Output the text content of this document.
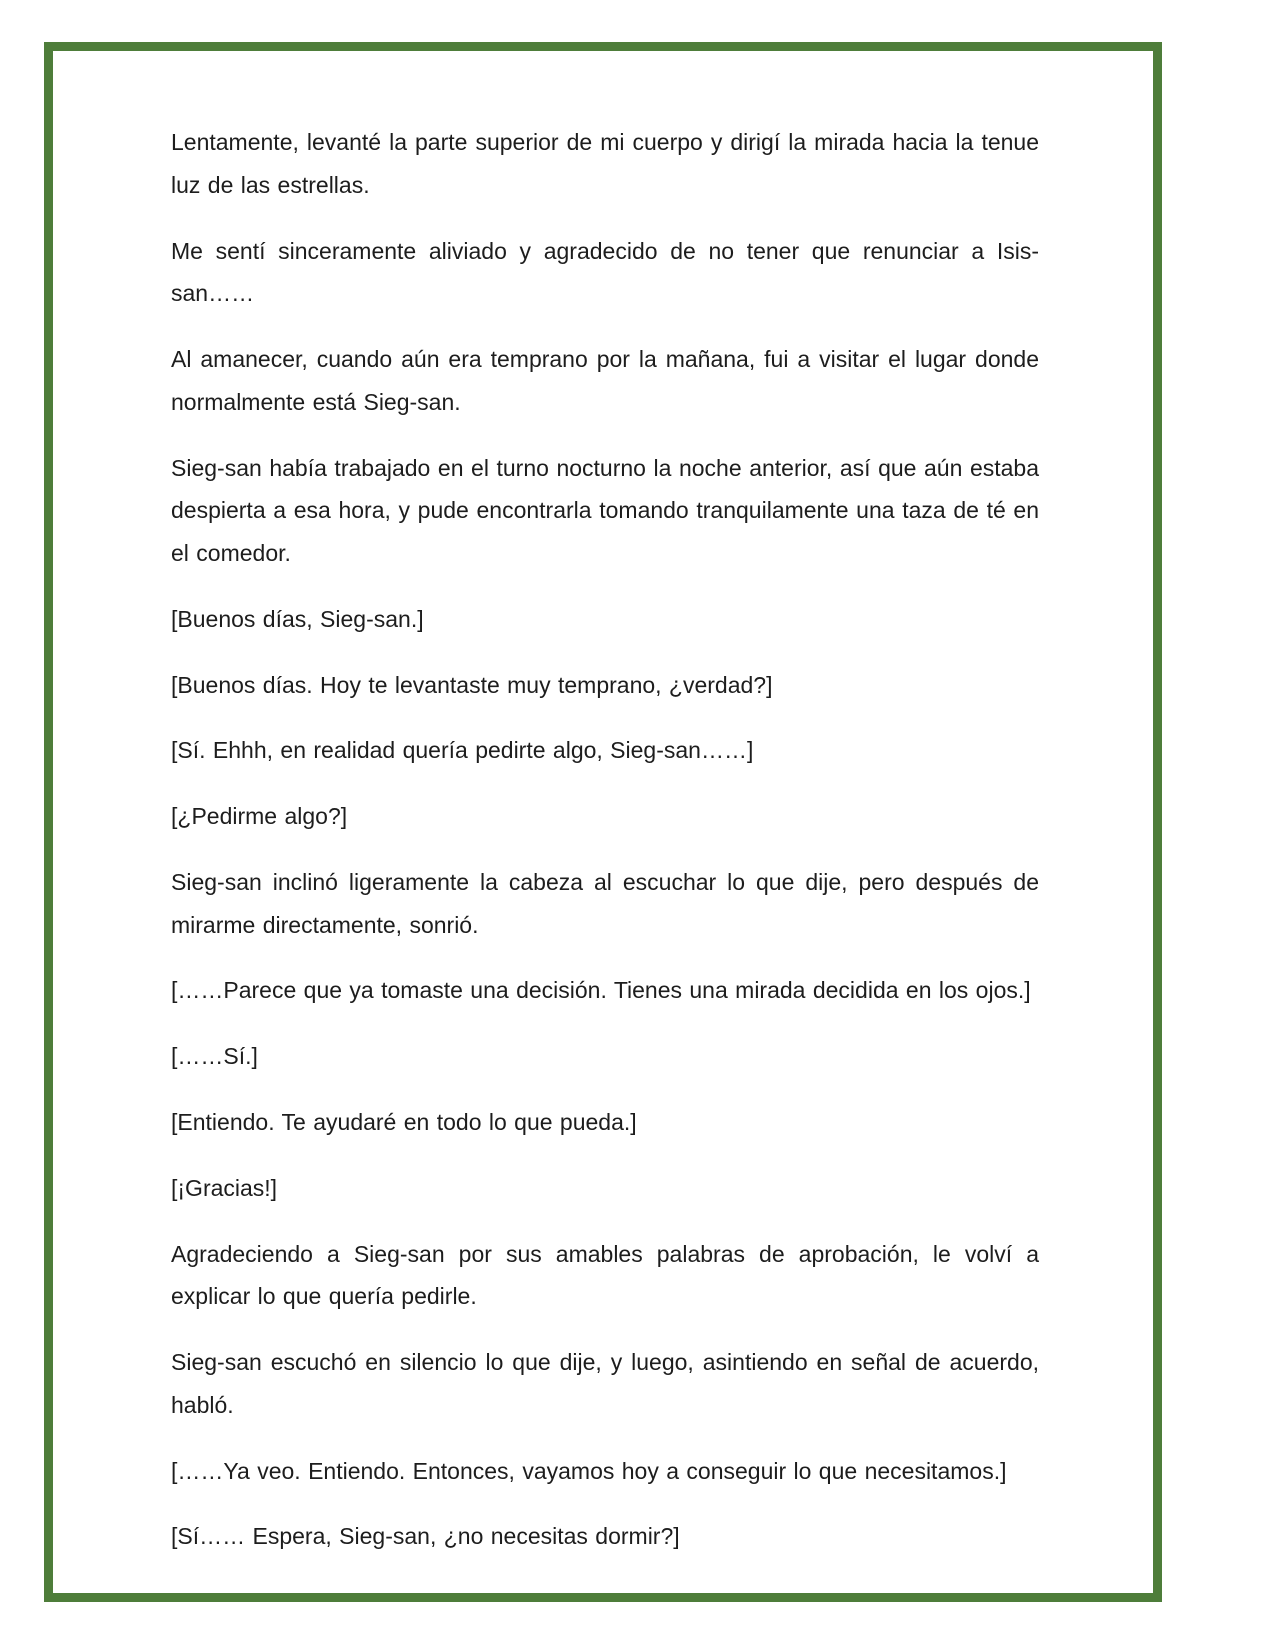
Lentamente, levanté la parte superior de mi cuerpo y dirigí la mirada hacia la tenue luz de las estrellas.

Me sentí sinceramente aliviado y agradecido de no tener que renunciar a Isis-san……

Al amanecer, cuando aún era temprano por la mañana, fui a visitar el lugar donde normalmente está Sieg-san.

Sieg-san había trabajado en el turno nocturno la noche anterior, así que aún estaba despierta a esa hora, y pude encontrarla tomando tranquilamente una taza de té en el comedor.

[Buenos días, Sieg-san.]

[Buenos días. Hoy te levantaste muy temprano, ¿verdad?]

[Sí. Ehhh, en realidad quería pedirte algo, Sieg-san……]

[¿Pedirme algo?]

Sieg-san inclinó ligeramente la cabeza al escuchar lo que dije, pero después de mirarme directamente, sonrió.

[……Parece que ya tomaste una decisión. Tienes una mirada decidida en los ojos.]

[……Sí.]

[Entiendo. Te ayudaré en todo lo que pueda.]

[¡Gracias!]

Agradeciendo a Sieg-san por sus amables palabras de aprobación, le volví a explicar lo que quería pedirle.

Sieg-san escuchó en silencio lo que dije, y luego, asintiendo en señal de acuerdo, habló.

[……Ya veo. Entiendo. Entonces, vayamos hoy a conseguir lo que necesitamos.]

[Sí…… Espera, Sieg-san, ¿no necesitas dormir?]
